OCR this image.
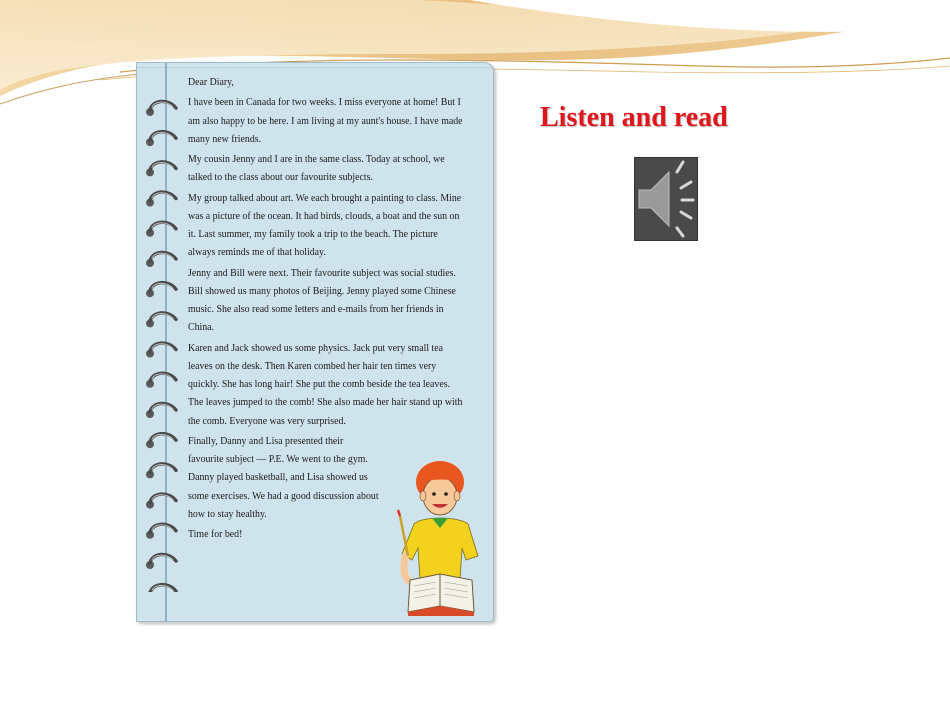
Dear Diary,

I have been in Canada for two weeks. I miss everyone at home! But I am also happy to be here. I am living at my aunt's house. I have made many new friends.

My cousin Jenny and I are in the same class. Today at school, we talked to the class about our favourite subjects.

My group talked about art. We each brought a painting to class. Mine was a picture of the ocean. It had birds, clouds, a boat and the sun on it. Last summer, my family took a trip to the beach. The picture always reminds me of that holiday.

Jenny and Bill were next. Their favourite subject was social studies. Bill showed us many photos of Beijing. Jenny played some Chinese music. She also read some letters and e-mails from her friends in China.

Karen and Jack showed us some physics. Jack put very small tea leaves on the desk. Then Karen combed her hair ten times very quickly. She has long hair! She put the comb beside the tea leaves. The leaves jumped to the comb! She also made her hair stand up with the comb. Everyone was very surprised.

Finally, Danny and Lisa presented their favourite subject — P.E. We went to the gym. Danny played basketball, and Lisa showed us some exercises. We had a good discussion about how to stay healthy.

Time for bed!

Listen and read
